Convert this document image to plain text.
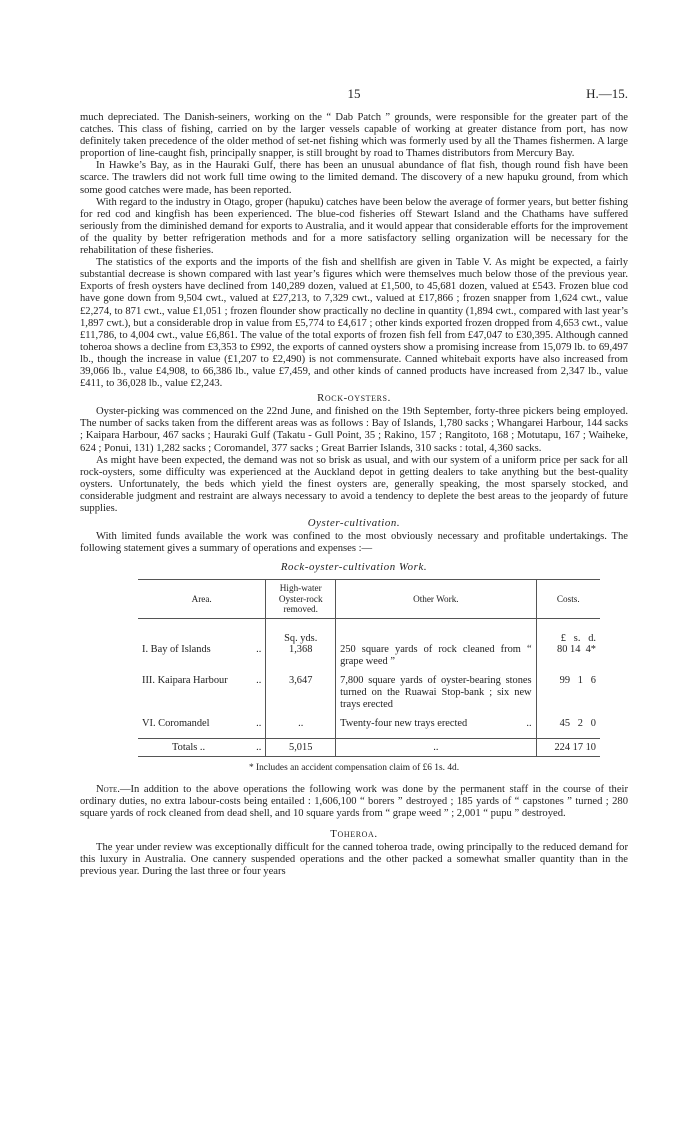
15	H.—15.

much depreciated. The Danish-seiners, working on the “ Dab Patch ” grounds, were responsible for the greater part of the catches. This class of fishing, carried on by the larger vessels capable of working at greater distance from port, has now definitely taken precedence of the older method of set-net fishing which was formerly used by all the Thames fishermen. A large proportion of line-caught fish, principally snapper, is still brought by road to Thames distributors from Mercury Bay.

In Hawke’s Bay, as in the Hauraki Gulf, there has been an unusual abundance of flat fish, though round fish have been scarce. The trawlers did not work full time owing to the limited demand. The discovery of a new hapuku ground, from which some good catches were made, has been reported.

With regard to the industry in Otago, groper (hapuku) catches have been below the average of former years, but better fishing for red cod and kingfish has been experienced. The blue-cod fisheries off Stewart Island and the Chathams have suffered seriously from the diminished demand for exports to Australia, and it would appear that considerable efforts for the improvement of the quality by better refrigeration methods and for a more satisfactory selling organization will be necessary for the rehabilitation of these fisheries.

The statistics of the exports and the imports of the fish and shellfish are given in Table V. As might be expected, a fairly substantial decrease is shown compared with last year’s figures which were themselves much below those of the previous year. Exports of fresh oysters have declined from 140,289 dozen, valued at £1,500, to 45,681 dozen, valued at £543. Frozen blue cod have gone down from 9,504 cwt., valued at £27,213, to 7,329 cwt., valued at £17,866 ; frozen snapper from 1,624 cwt., value £2,274, to 871 cwt., value £1,051 ; frozen flounder show practically no decline in quantity (1,894 cwt., compared with last year’s 1,897 cwt.), but a considerable drop in value from £5,774 to £4,617 ; other kinds exported frozen dropped from 4,653 cwt., value £11,786, to 4,004 cwt., value £6,861. The value of the total exports of frozen fish fell from £47,047 to £30,395. Although canned toheroa shows a decline from £3,353 to £992, the exports of canned oysters show a promising increase from 15,079 lb. to 69,497 lb., though the increase in value (£1,207 to £2,490) is not commensurate. Canned whitebait exports have also increased from 39,066 lb., value £4,908, to 66,386 lb., value £7,459, and other kinds of canned products have increased from 2,347 lb., value £411, to 36,028 lb., value £2,243.

Rock-oysters.

Oyster-picking was commenced on the 22nd June, and finished on the 19th September, forty-three pickers being employed. The number of sacks taken from the different areas was as follows : Bay of Islands, 1,780 sacks ; Whangarei Harbour, 144 sacks ; Kaipara Harbour, 467 sacks ; Hauraki Gulf (Takatu - Gull Point, 35 ; Rakino, 157 ; Rangitoto, 168 ; Motutapu, 167 ; Waiheke, 624 ; Ponui, 131) 1,282 sacks ; Coromandel, 377 sacks ; Great Barrier Islands, 310 sacks : total, 4,360 sacks.

As might have been expected, the demand was not so brisk as usual, and with our system of a uniform price per sack for all rock-oysters, some difficulty was experienced at the Auckland depot in getting dealers to take anything but the best-quality oysters. Unfortunately, the beds which yield the finest oysters are, generally speaking, the most sparsely stocked, and considerable judgment and restraint are always necessary to avoid a tendency to deplete the best areas to the jeopardy of future supplies.

Oyster-cultivation.

With limited funds available the work was confined to the most obviously necessary and profitable undertakings. The following statement gives a summary of operations and expenses :—

Rock-oyster-cultivation Work.
Area.	High-water Oyster-rock removed.	Other Work.	Costs.
	Sq. yds.		£   s.   d.
I. Bay of Islands ..	1,368	250 square yards of rock cleaned from “ grape weed ”	80 14  4*
III. Kaipara Harbour ..	3,647	7,800 square yards of oyster-bearing stones turned on the Ruawai Stop-bank ; six new trays erected	99   1   6
VI. Coromandel ..	..	Twenty-four new trays erected ..	45   2   0
Totals .. ..	5,015	..	224 17 10
* Includes an accident compensation claim of £6 1s. 4d.

Note.—In addition to the above operations the following work was done by the permanent staff in the course of their ordinary duties, no extra labour-costs being entailed : 1,606,100 “ borers ” destroyed ; 185 yards of “ capstones ” turned ; 280 square yards of rock cleaned from dead shell, and 10 square yards from “ grape weed ” ; 2,001 “ pupu ” destroyed.

Toheroa.

The year under review was exceptionally difficult for the canned toheroa trade, owing principally to the reduced demand for this luxury in Australia. One cannery suspended operations and the other packed a somewhat smaller quantity than in the previous year. During the last three or four years
